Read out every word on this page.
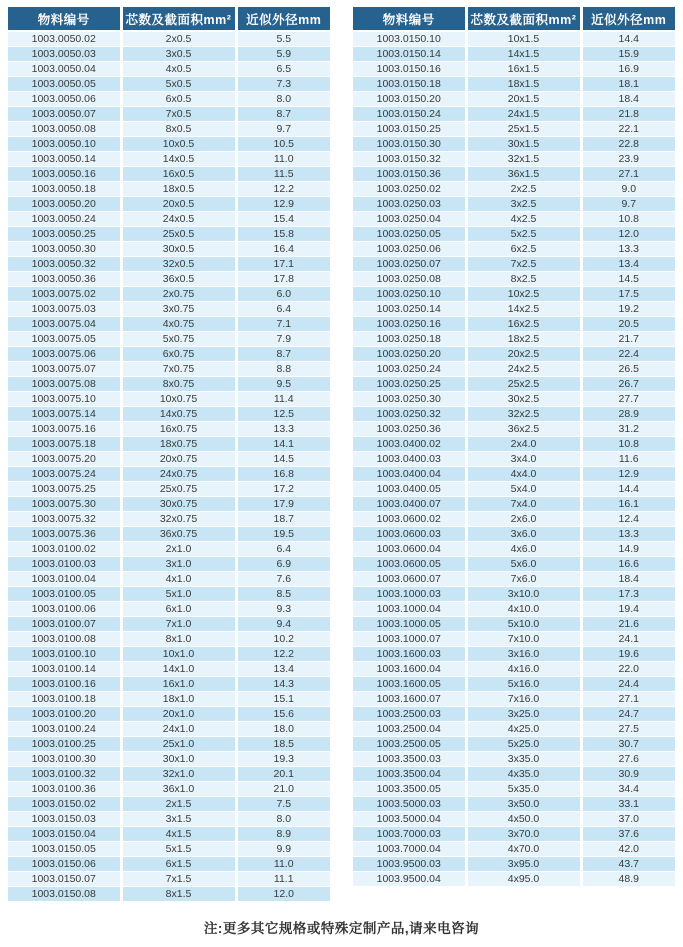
物料编号	芯数及截面积mm²	近似外径mm
1003.0050.02	2x0.5	5.5
1003.0050.03	3x0.5	5.9
1003.0050.04	4x0.5	6.5
1003.0050.05	5x0.5	7.3
1003.0050.06	6x0.5	8.0
1003.0050.07	7x0.5	8.7
1003.0050.08	8x0.5	9.7
1003.0050.10	10x0.5	10.5
1003.0050.14	14x0.5	11.0
1003.0050.16	16x0.5	11.5
1003.0050.18	18x0.5	12.2
1003.0050.20	20x0.5	12.9
1003.0050.24	24x0.5	15.4
1003.0050.25	25x0.5	15.8
1003.0050.30	30x0.5	16.4
1003.0050.32	32x0.5	17.1
1003.0050.36	36x0.5	17.8
1003.0075.02	2x0.75	6.0
1003.0075.03	3x0.75	6.4
1003.0075.04	4x0.75	7.1
1003.0075.05	5x0.75	7.9
1003.0075.06	6x0.75	8.7
1003.0075.07	7x0.75	8.8
1003.0075.08	8x0.75	9.5
1003.0075.10	10x0.75	11.4
1003.0075.14	14x0.75	12.5
1003.0075.16	16x0.75	13.3
1003.0075.18	18x0.75	14.1
1003.0075.20	20x0.75	14.5
1003.0075.24	24x0.75	16.8
1003.0075.25	25x0.75	17.2
1003.0075.30	30x0.75	17.9
1003.0075.32	32x0.75	18.7
1003.0075.36	36x0.75	19.5
1003.0100.02	2x1.0	6.4
1003.0100.03	3x1.0	6.9
1003.0100.04	4x1.0	7.6
1003.0100.05	5x1.0	8.5
1003.0100.06	6x1.0	9.3
1003.0100.07	7x1.0	9.4
1003.0100.08	8x1.0	10.2
1003.0100.10	10x1.0	12.2
1003.0100.14	14x1.0	13.4
1003.0100.16	16x1.0	14.3
1003.0100.18	18x1.0	15.1
1003.0100.20	20x1.0	15.6
1003.0100.24	24x1.0	18.0
1003.0100.25	25x1.0	18.5
1003.0100.30	30x1.0	19.3
1003.0100.32	32x1.0	20.1
1003.0100.36	36x1.0	21.0
1003.0150.02	2x1.5	7.5
1003.0150.03	3x1.5	8.0
1003.0150.04	4x1.5	8.9
1003.0150.05	5x1.5	9.9
1003.0150.06	6x1.5	11.0
1003.0150.07	7x1.5	11.1
1003.0150.08	8x1.5	12.0
物料编号	芯数及截面积mm²	近似外径mm
1003.0150.10	10x1.5	14.4
1003.0150.14	14x1.5	15.9
1003.0150.16	16x1.5	16.9
1003.0150.18	18x1.5	18.1
1003.0150.20	20x1.5	18.4
1003.0150.24	24x1.5	21.8
1003.0150.25	25x1.5	22.1
1003.0150.30	30x1.5	22.8
1003.0150.32	32x1.5	23.9
1003.0150.36	36x1.5	27.1
1003.0250.02	2x2.5	9.0
1003.0250.03	3x2.5	9.7
1003.0250.04	4x2.5	10.8
1003.0250.05	5x2.5	12.0
1003.0250.06	6x2.5	13.3
1003.0250.07	7x2.5	13.4
1003.0250.08	8x2.5	14.5
1003.0250.10	10x2.5	17.5
1003.0250.14	14x2.5	19.2
1003.0250.16	16x2.5	20.5
1003.0250.18	18x2.5	21.7
1003.0250.20	20x2.5	22.4
1003.0250.24	24x2.5	26.5
1003.0250.25	25x2.5	26.7
1003.0250.30	30x2.5	27.7
1003.0250.32	32x2.5	28.9
1003.0250.36	36x2.5	31.2
1003.0400.02	2x4.0	10.8
1003.0400.03	3x4.0	11.6
1003.0400.04	4x4.0	12.9
1003.0400.05	5x4.0	14.4
1003.0400.07	7x4.0	16.1
1003.0600.02	2x6.0	12.4
1003.0600.03	3x6.0	13.3
1003.0600.04	4x6.0	14.9
1003.0600.05	5x6.0	16.6
1003.0600.07	7x6.0	18.4
1003.1000.03	3x10.0	17.3
1003.1000.04	4x10.0	19.4
1003.1000.05	5x10.0	21.6
1003.1000.07	7x10.0	24.1
1003.1600.03	3x16.0	19.6
1003.1600.04	4x16.0	22.0
1003.1600.05	5x16.0	24.4
1003.1600.07	7x16.0	27.1
1003.2500.03	3x25.0	24.7
1003.2500.04	4x25.0	27.5
1003.2500.05	5x25.0	30.7
1003.3500.03	3x35.0	27.6
1003.3500.04	4x35.0	30.9
1003.3500.05	5x35.0	34.4
1003.5000.03	3x50.0	33.1
1003.5000.04	4x50.0	37.0
1003.7000.03	3x70.0	37.6
1003.7000.04	4x70.0	42.0
1003.9500.03	3x95.0	43.7
1003.9500.04	4x95.0	48.9
注:更多其它规格或特殊定制产品,请来电咨询
